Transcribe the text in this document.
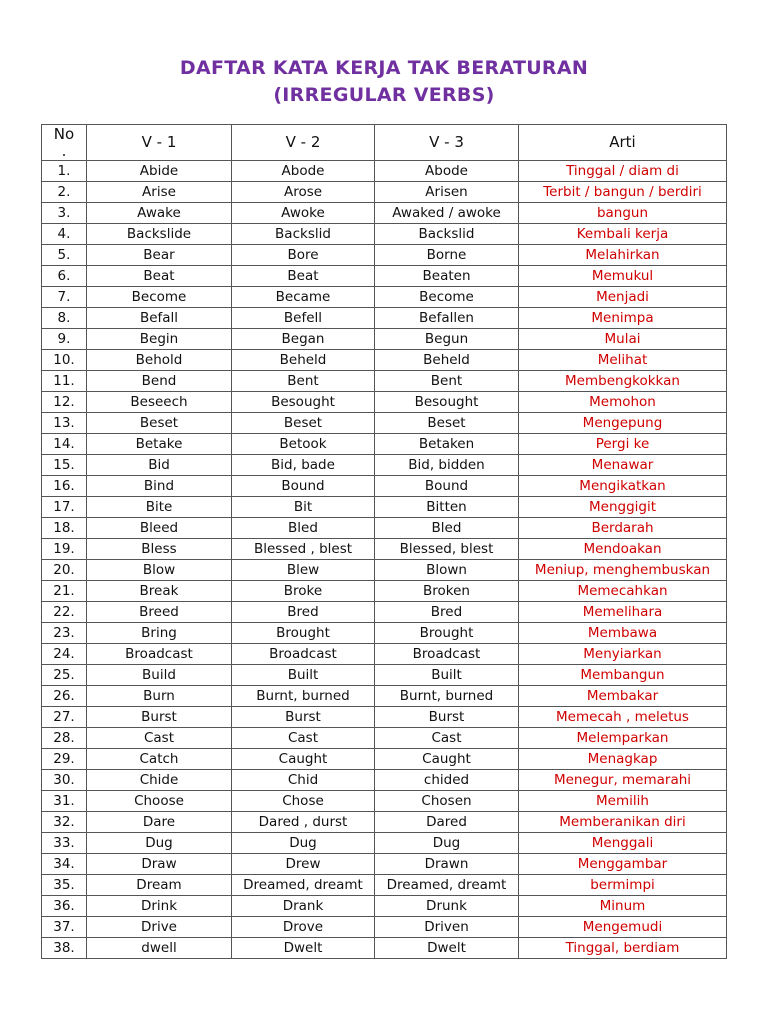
DAFTAR KATA KERJA TAK BERATURAN
(IRREGULAR VERBS)
No
.	V - 1	V - 2	V - 3	Arti
1.	Abide	Abode	Abode	Tinggal / diam di
2.	Arise	Arose	Arisen	Terbit / bangun / berdiri
3.	Awake	Awoke	Awaked / awoke	bangun
4.	Backslide	Backslid	Backslid	Kembali kerja
5.	Bear	Bore	Borne	Melahirkan
6.	Beat	Beat	Beaten	Memukul
7.	Become	Became	Become	Menjadi
8.	Befall	Befell	Befallen	Menimpa
9.	Begin	Began	Begun	Mulai
10.	Behold	Beheld	Beheld	Melihat
11.	Bend	Bent	Bent	Membengkokkan
12.	Beseech	Besought	Besought	Memohon
13.	Beset	Beset	Beset	Mengepung
14.	Betake	Betook	Betaken	Pergi ke
15.	Bid	Bid, bade	Bid, bidden	Menawar
16.	Bind	Bound	Bound	Mengikatkan
17.	Bite	Bit	Bitten	Menggigit
18.	Bleed	Bled	Bled	Berdarah
19.	Bless	Blessed , blest	Blessed, blest	Mendoakan
20.	Blow	Blew	Blown	Meniup, menghembuskan
21.	Break	Broke	Broken	Memecahkan
22.	Breed	Bred	Bred	Memelihara
23.	Bring	Brought	Brought	Membawa
24.	Broadcast	Broadcast	Broadcast	Menyiarkan
25.	Build	Built	Built	Membangun
26.	Burn	Burnt, burned	Burnt, burned	Membakar
27.	Burst	Burst	Burst	Memecah , meletus
28.	Cast	Cast	Cast	Melemparkan
29.	Catch	Caught	Caught	Menagkap
30.	Chide	Chid	chided	Menegur, memarahi
31.	Choose	Chose	Chosen	Memilih
32.	Dare	Dared , durst	Dared	Memberanikan diri
33.	Dug	Dug	Dug	Menggali
34.	Draw	Drew	Drawn	Menggambar
35.	Dream	Dreamed, dreamt	Dreamed, dreamt	bermimpi
36.	Drink	Drank	Drunk	Minum
37.	Drive	Drove	Driven	Mengemudi
38.	dwell	Dwelt	Dwelt	Tinggal, berdiam
